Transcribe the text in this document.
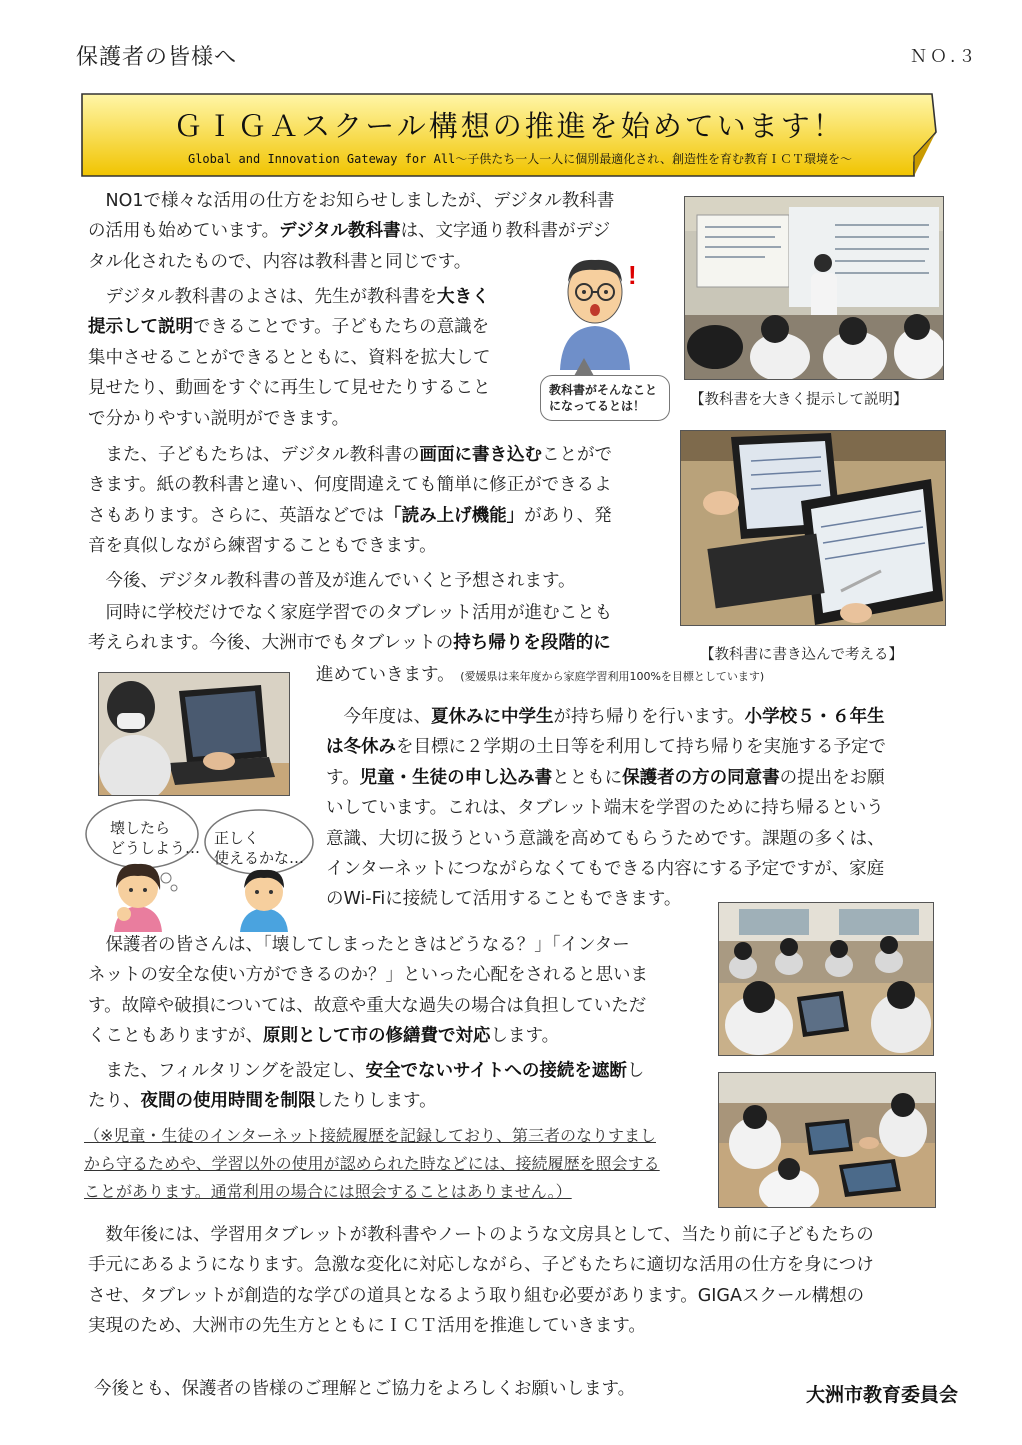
保護者の皆様へ	ＮＯ.３
ＧＩＧＡスクール構想の推進を始めています！
Global and Innovation Gateway for All～子供たち一人一人に個別最適化され、創造性を育む教育ＩＣＴ環境を～

NO1で様々な活用の仕方をお知らせしましたが、デジタル教科書

の活用も始めています。デジタル教科書は、文字通り教科書がデジ

タル化されたもので、内容は教科書と同じです。

デジタル教科書のよさは、先生が教科書を大きく

提示して説明できることです。子どもたちの意識を

集中させることができるとともに、資料を拡大して

見せたり、動画をすぐに再生して見せたりすること

で分かりやすい説明ができます。

!
教科書がそんなこと
になってるとは！	【教科書を大きく提示して説明】

また、子どもたちは、デジタル教科書の画面に書き込むことがで

きます。紙の教科書と違い、何度間違えても簡単に修正ができるよ

さもあります。さらに、英語などでは「読み上げ機能」があり、発

音を真似しながら練習することもできます。

今後、デジタル教科書の普及が進んでいくと予想されます。

【教科書に書き込んで考える】

同時に学校だけでなく家庭学習でのタブレット活用が進むことも

考えられます。今後、大洲市でもタブレットの持ち帰りを段階的に

進めていきます。 (愛媛県は来年度から家庭学習利用100%を目標としています)
壊したら
どうしよう…
正しく
使えるかな…

今年度は、夏休みに中学生が持ち帰りを行います。小学校５・６年生

は冬休みを目標に２学期の土日等を利用して持ち帰りを実施する予定で

す。児童・生徒の申し込み書とともに保護者の方の同意書の提出をお願

いしています。これは、タブレット端末を学習のために持ち帰るという

意識、大切に扱うという意識を高めてもらうためです。課題の多くは、

インターネットにつながらなくてもできる内容にする予定ですが、家庭

のWi-Fiに接続して活用することもできます。

保護者の皆さんは、「壊してしまったときはどうなる？」「インター

ネットの安全な使い方ができるのか？」といった心配をされると思いま

す。故障や破損については、故意や重大な過失の場合は負担していただ

くこともありますが、原則として市の修繕費で対応します。

また、フィルタリングを設定し、安全でないサイトへの接続を遮断し

たり、夜間の使用時間を制限したりします。

（※児童・生徒のインターネット接続履歴を記録しており、第三者のなりすまし
から守るためや、学習以外の使用が認められた時などには、接続履歴を照会する
ことがあります。通常利用の場合には照会することはありません。）

数年後には、学習用タブレットが教科書やノートのような文房具として、当たり前に子どもたちの

手元にあるようになります。急激な変化に対応しながら、子どもたちに適切な活用の仕方を身につけ

させ、タブレットが創造的な学びの道具となるよう取り組む必要があります。GIGAスクール構想の

実現のため、大洲市の先生方とともにＩＣＴ活用を推進していきます。

今後とも、保護者の皆様のご理解とご協力をよろしくお願いします。	大洲市教育委員会
